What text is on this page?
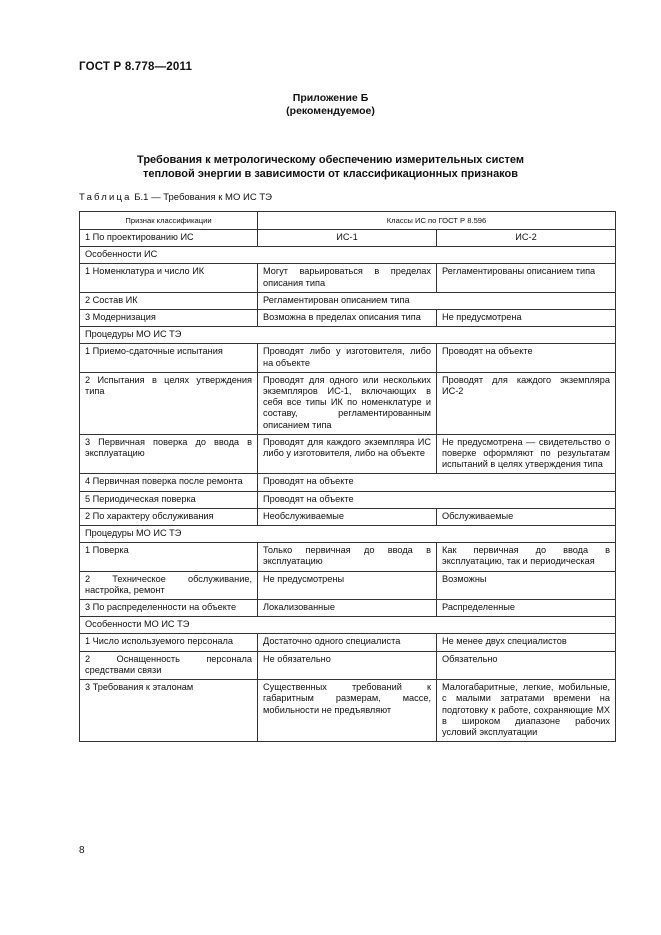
ГОСТ Р 8.778—2011
Приложение Б
(рекомендуемое)
Требования к метрологическому обеспечению измерительных систем
тепловой энергии в зависимости от классификационных признаков
Таблица Б.1 — Требования к МО ИС ТЭ
Признак классификации	Классы ИС по ГОСТ Р 8.596	
1 По проектированию ИС	ИС-1	ИС-2
Особенности ИС		
1 Номенклатура и число ИК	Могут варьироваться в пределах описания типа	Регламентированы описанием типа
2 Состав ИК	Регламентирован описанием типа	
3 Модернизация	Возможна в пределах описания типа	Не предусмотрена
Процедуры МО ИС ТЭ		
1 Приемо-сдаточные испытания	Проводят либо у изготовителя, либо на объекте	Проводят на объекте
2 Испытания в целях утверждения типа	Проводят для одного или нескольких экземпляров ИС-1, включающих в себя все типы ИК по номенклатуре и составу, регламентированным описанием типа	Проводят для каждого экземпляра ИС-2
3 Первичная поверка до ввода в эксплуатацию	Проводят для каждого экземпляра ИС либо у изготовителя, либо на объекте	Не предусмотрена — свидетельство о поверке оформляют по результатам испытаний в целях утверждения типа
4 Первичная поверка после ремонта	Проводят на объекте	
5 Периодическая поверка	Проводят на объекте	
2 По характеру обслуживания	Необслуживаемые	Обслуживаемые
Процедуры МО ИС ТЭ		
1 Поверка	Только первичная до ввода в эксплуатацию	Как первичная до ввода в эксплуатацию, так и периодическая
2 Техническое обслуживание, настройка, ремонт	Не предусмотрены	Возможны
3 По распределенности на объекте	Локализованные	Распределенные
Особенности МО ИС ТЭ		
1 Число используемого персонала	Достаточно одного специалиста	Не менее двух специалистов
2 Оснащенность персонала средствами связи	Не обязательно	Обязательно
3 Требования к эталонам	Существенных требований к габаритным размерам, массе, мобильности не предъявляют	Малогабаритные, легкие, мобильные, с малыми затратами времени на подготовку к работе, сохраняющие МХ в широком диапазоне рабочих условий эксплуатации
8
